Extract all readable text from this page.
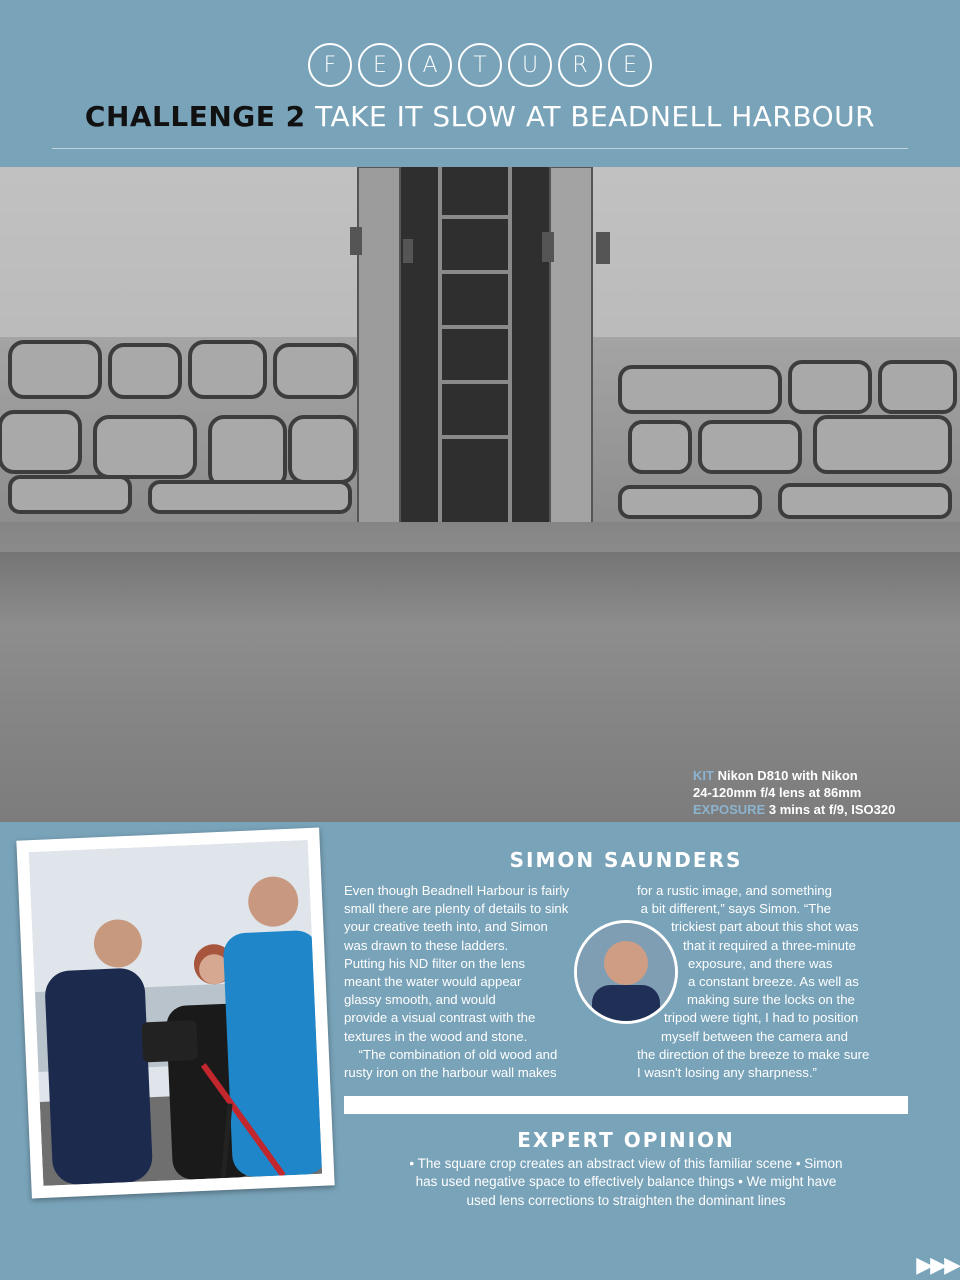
F	E	A	T	U	R	E
CHALLENGE 2 TAKE IT SLOW AT BEADNELL HARBOUR
KIT Nikon D810 with Nikon
24-120mm f/4 lens at 86mm
EXPOSURE 3 mins at f/9, ISO320
SIMON SAUNDERS
Even though Beadnell Harbour is fairly
small there are plenty of details to sink
your creative teeth into, and Simon
was drawn to these ladders.
Putting his ND filter on the lens
meant the water would appear
glassy smooth, and would
provide a visual contrast with the
textures in the wood and stone.
“The combination of old wood and
rusty iron on the harbour wall makes
for a rustic image, and something
a bit different,” says Simon. “The
trickiest part about this shot was
that it required a three-minute
exposure, and there was
a constant breeze. As well as
making sure the locks on the
tripod were tight, I had to position
myself between the camera and
the direction of the breeze to make sure
I wasn't losing any sharpness.”
EXPERT OPINION
• The square crop creates an abstract view of this familiar scene • Simon
has used negative space to effectively balance things • We might have
used lens corrections to straighten the dominant lines
▶▶▶
